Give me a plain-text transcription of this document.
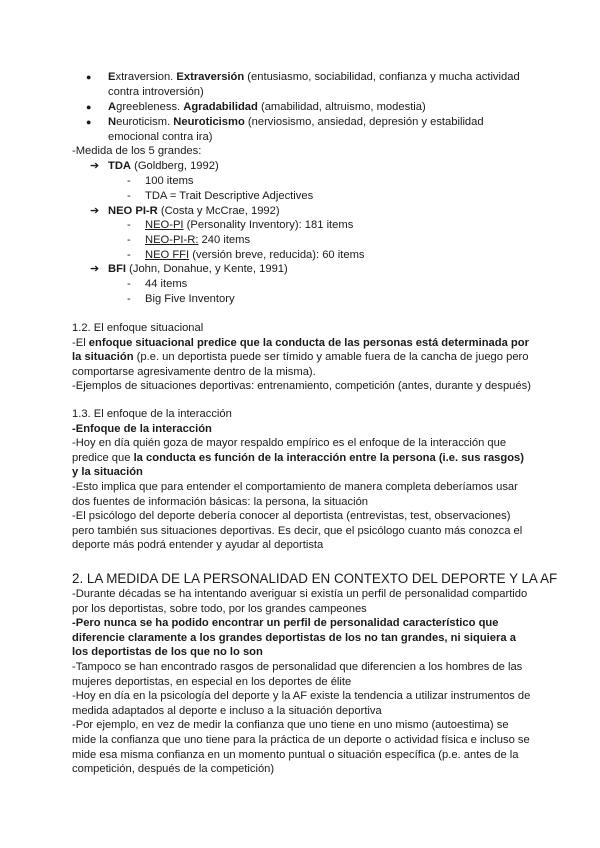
● Extraversion. Extraversión (entusiasmo, sociabilidad, confianza y mucha actividad
contra introversión)
● Agreebleness. Agradabilidad (amabilidad, altruismo, modestia)
● Neuroticism. Neuroticismo (nerviosismo, ansiedad, depresión y estabilidad
emocional contra ira)
-Medida de los 5 grandes:
➔ TDA (Goldberg, 1992)
- 100 items
- TDA = Trait Descriptive Adjectives
➔ NEO PI-R (Costa y McCrae, 1992)
- NEO-PI (Personality Inventory): 181 items
- NEO-PI-R: 240 items
- NEO FFI (versión breve, reducida): 60 items
➔ BFI (John, Donahue, y Kente, 1991)
- 44 items
- Big Five Inventory
1.2. El enfoque situacional
-El enfoque situacional predice que la conducta de las personas está determinada por
la situación (p.e. un deportista puede ser tímido y amable fuera de la cancha de juego pero
comportarse agresivamente dentro de la misma).
-Ejemplos de situaciones deportivas: entrenamiento, competición (antes, durante y después)
1.3. El enfoque de la interacción
-Enfoque de la interacción
-Hoy en día quién goza de mayor respaldo empírico es el enfoque de la interacción que
predice que la conducta es función de la interacción entre la persona (i.e. sus rasgos)
y la situación
-Esto implica que para entender el comportamiento de manera completa deberíamos usar
dos fuentes de información básicas: la persona, la situación
-El psicólogo del deporte debería conocer al deportista (entrevistas, test, observaciones)
pero también sus situaciones deportivas. Es decir, que el psicólogo cuanto más conozca el
deporte más podrá entender y ayudar al deportista
2. LA MEDIDA DE LA PERSONALIDAD EN CONTEXTO DEL DEPORTE Y LA AF
-Durante décadas se ha intentando averiguar si existía un perfil de personalidad compartido
por los deportistas, sobre todo, por los grandes campeones
-Pero nunca se ha podido encontrar un perfil de personalidad característico que
diferencie claramente a los grandes deportistas de los no tan grandes, ni siquiera a
los deportistas de los que no lo son
-Tampoco se han encontrado rasgos de personalidad que diferencien a los hombres de las
mujeres deportistas, en especial en los deportes de élite
-Hoy en día en la psicología del deporte y la AF existe la tendencia a utilizar instrumentos de
medida adaptados al deporte e incluso a la situación deportiva
-Por ejemplo, en vez de medir la confianza que uno tiene en uno mismo (autoestima) se
mide la confianza que uno tiene para la práctica de un deporte o actividad física e incluso se
mide esa misma confianza en un momento puntual o situación específica (p.e. antes de la
competición, después de la competición)
